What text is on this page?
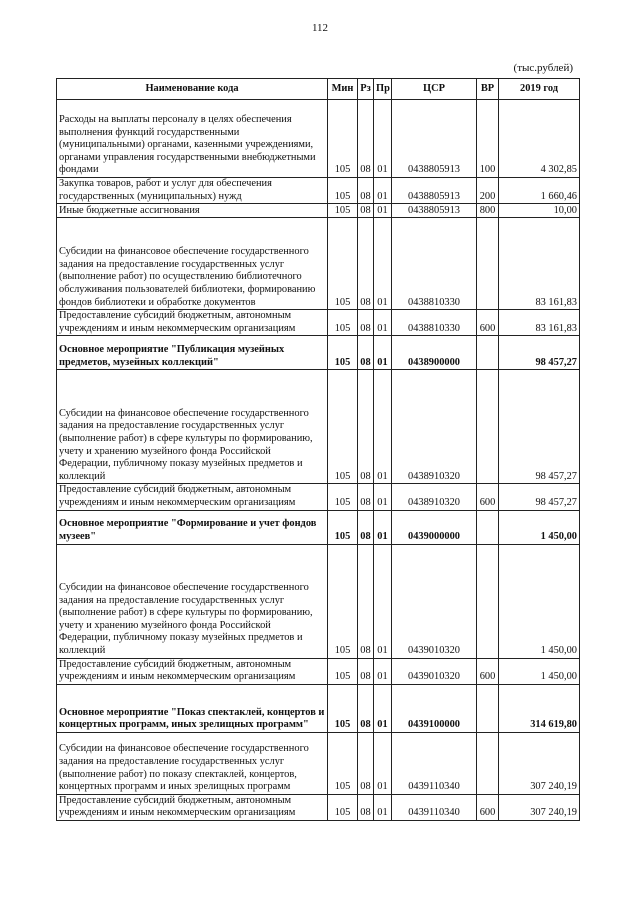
112
(тыс.рублей)
Наименование кода	Мин	Рз	Пр	ЦСР	ВР	2019 год
Расходы на выплаты персоналу в целях обеспечения выполнения функций государственными (муниципальными) органами, казенными учреждениями, органами управления государственными внебюджетными фондами	105	08	01	0438805913	100	4 302,85
Закупка товаров, работ и услуг для обеспечения государственных (муниципальных) нужд	105	08	01	0438805913	200	1 660,46
Иные бюджетные ассигнования	105	08	01	0438805913	800	10,00
Субсидии на финансовое обеспечение государственного задания на предоставление государственных услуг (выполнение работ) по осуществлению библиотечного обслуживания пользователей библиотеки, формированию фондов библиотеки и обработке документов	105	08	01	0438810330		83 161,83
Предоставление субсидий бюджетным, автономным учреждениям и иным некоммерческим организациям	105	08	01	0438810330	600	83 161,83
Основное мероприятие "Публикация музейных предметов, музейных коллекций"	105	08	01	0438900000		98 457,27
Субсидии на финансовое обеспечение государственного задания на предоставление государственных услуг (выполнение работ) в сфере культуры по формированию, учету и хранению музейного фонда Российской Федерации, публичному показу музейных предметов и коллекций	105	08	01	0438910320		98 457,27
Предоставление субсидий бюджетным, автономным учреждениям и иным некоммерческим организациям	105	08	01	0438910320	600	98 457,27
Основное мероприятие "Формирование и учет фондов музеев"	105	08	01	0439000000		1 450,00
Субсидии на финансовое обеспечение государственного задания на предоставление государственных услуг (выполнение работ) в сфере культуры по формированию, учету и хранению музейного фонда Российской Федерации, публичному показу музейных предметов и коллекций	105	08	01	0439010320		1 450,00
Предоставление субсидий бюджетным, автономным учреждениям и иным некоммерческим организациям	105	08	01	0439010320	600	1 450,00
Основное мероприятие "Показ спектаклей, концертов и концертных программ, иных зрелищных программ"	105	08	01	0439100000		314 619,80
Субсидии на финансовое обеспечение государственного задания на предоставление государственных услуг (выполнение работ) по показу спектаклей, концертов, концертных программ и иных зрелищных программ	105	08	01	0439110340		307 240,19
Предоставление субсидий бюджетным, автономным учреждениям и иным некоммерческим организациям	105	08	01	0439110340	600	307 240,19
